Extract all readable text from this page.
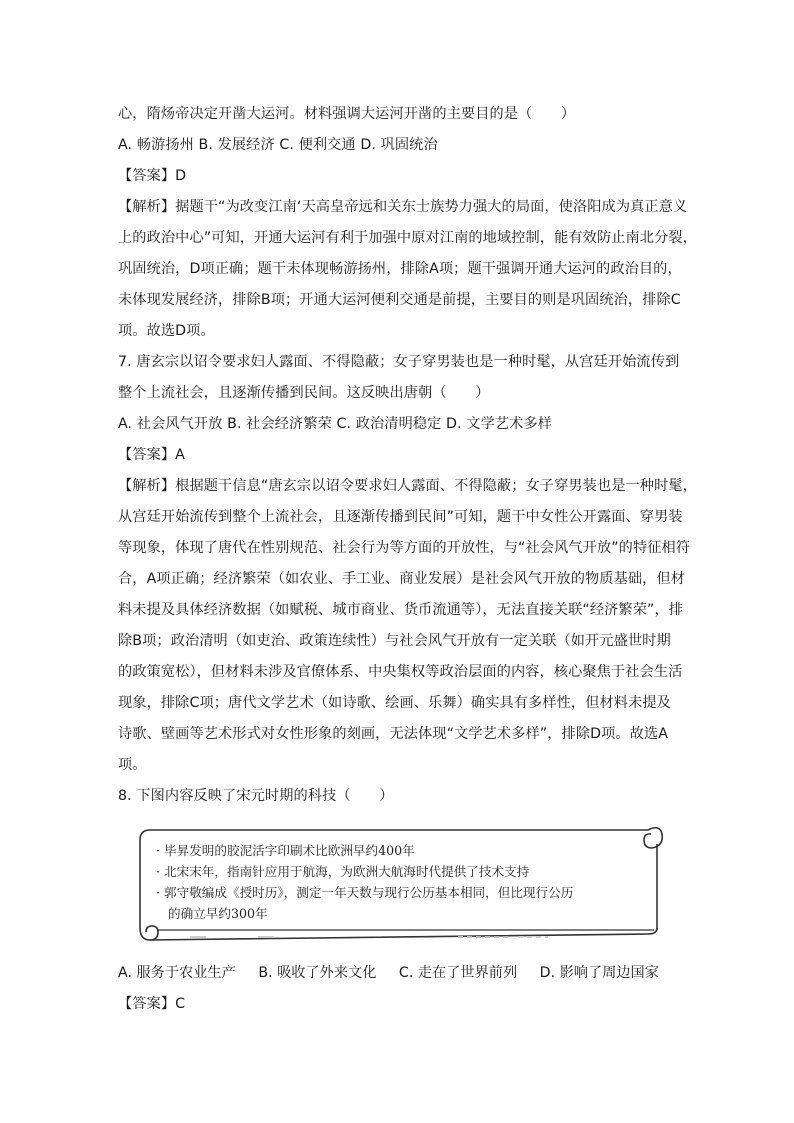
心，隋炀帝决定开凿大运河。材料强调大运河开凿的主要目的是（　　）
A. 畅游扬州 B. 发展经济 C. 便利交通 D. 巩固统治
【答案】D
【解析】据题干“为改变江南‘天高皇帝远和关东士族势力强大的局面，使洛阳成为真正意义
上的政治中心”可知，开通大运河有利于加强中原对江南的地域控制，能有效防止南北分裂，
巩固统治，D项正确；题干未体现畅游扬州，排除A项；题干强调开通大运河的政治目的，
未体现发展经济，排除B项；开通大运河便利交通是前提，主要目的则是巩固统治，排除C
项。故选D项。
7. 唐玄宗以诏令要求妇人露面、不得隐蔽；女子穿男装也是一种时髦，从宫廷开始流传到
整个上流社会，且逐渐传播到民间。这反映出唐朝（　　）
A. 社会风气开放 B. 社会经济繁荣 C. 政治清明稳定 D. 文学艺术多样
【答案】A
【解析】根据题干信息“唐玄宗以诏令要求妇人露面、不得隐蔽；女子穿男装也是一种时髦，
从宫廷开始流传到整个上流社会，且逐渐传播到民间”可知，题干中女性公开露面、穿男装
等现象，体现了唐代在性别规范、社会行为等方面的开放性，与“社会风气开放”的特征相符
合，A项正确；经济繁荣（如农业、手工业、商业发展）是社会风气开放的物质基础，但材
料未提及具体经济数据（如赋税、城市商业、货币流通等），无法直接关联“经济繁荣”，排
除B项；政治清明（如吏治、政策连续性）与社会风气开放有一定关联（如开元盛世时期
的政策宽松），但材料未涉及官僚体系、中央集权等政治层面的内容，核心聚焦于社会生活
现象，排除C项；唐代文学艺术（如诗歌、绘画、乐舞）确实具有多样性，但材料未提及
诗歌、壁画等艺术形式对女性形象的刻画，无法体现“文学艺术多样”，排除D项。故选A
项。
8. 下图内容反映了宋元时期的科技（　　）
· 毕昇发明的胶泥活字印刷术比欧洲早约400年
· 北宋末年，指南针应用于航海，为欧洲大航海时代提供了技术支持
· 郭守敬编成《授时历》，测定一年天数与现行公历基本相同，但比现行公历
的确立早约300年
A. 服务于农业生产 B. 吸收了外来文化 C. 走在了世界前列 D. 影响了周边国家
【答案】C
